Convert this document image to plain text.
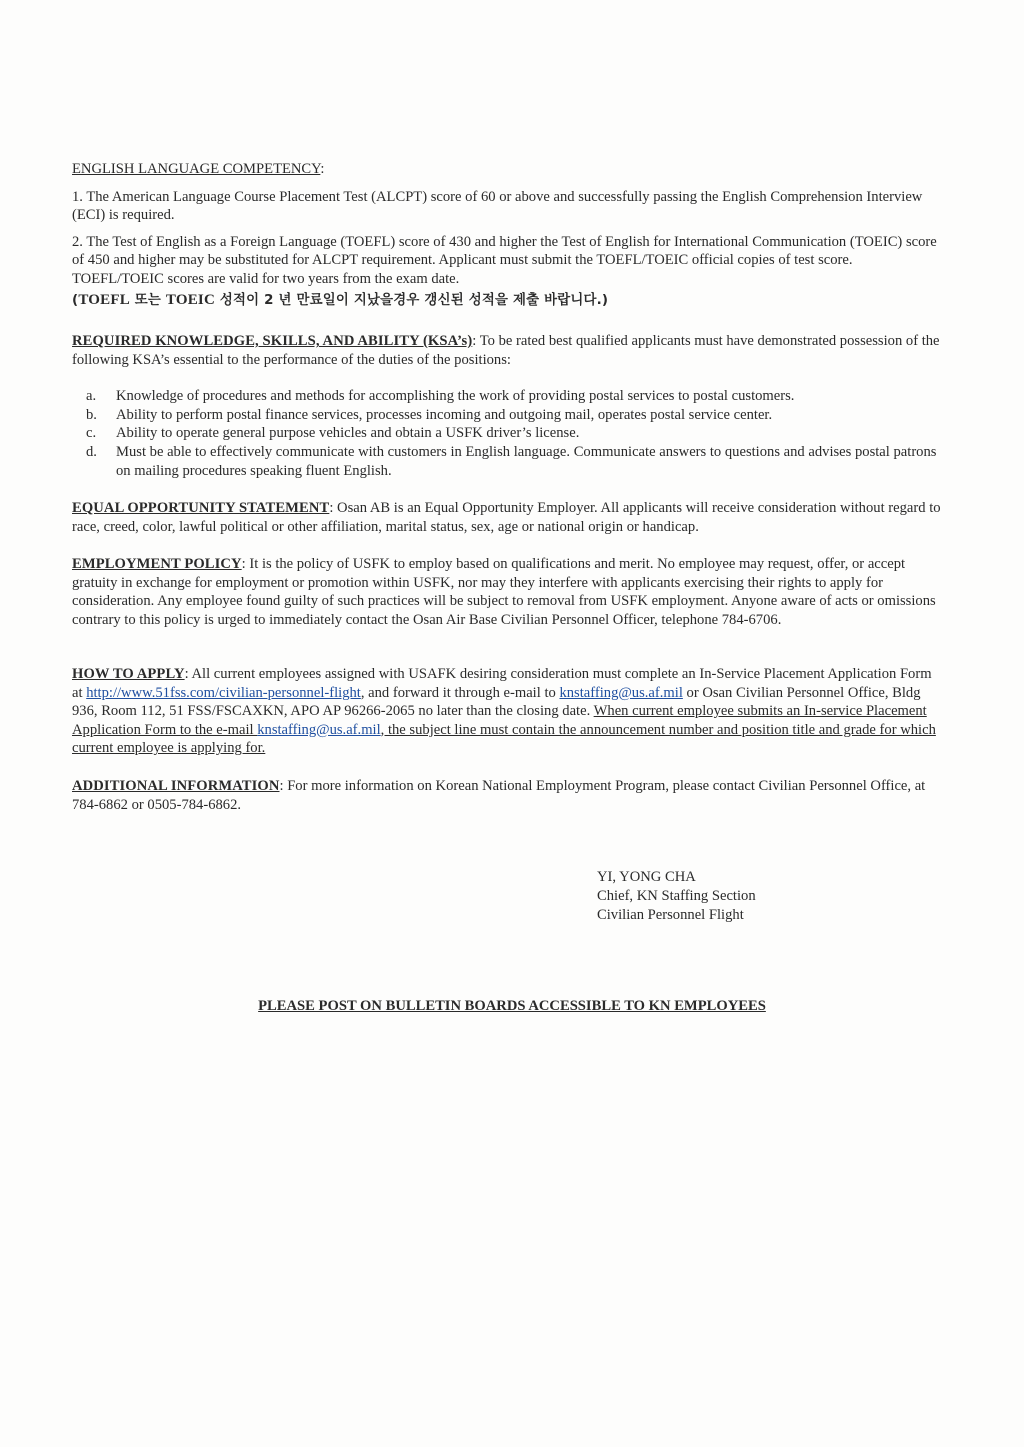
ENGLISH LANGUAGE COMPETENCY:

1. The American Language Course Placement Test (ALCPT) score of 60 or above and successfully passing the English Comprehension Interview (ECI) is required.

2. The Test of English as a Foreign Language (TOEFL) score of 430 and higher the Test of English for International Communication (TOEIC) score of 450 and higher may be substituted for ALCPT requirement. Applicant must submit the TOEFL/TOEIC official copies of test score. TOEFL/TOEIC scores are valid for two years from the exam date.

(TOEFL 또는 TOEIC 성적이 2 년 만료일이 지났을경우 갱신된 성적을 제출 바랍니다.)

REQUIRED KNOWLEDGE, SKILLS, AND ABILITY (KSA’s): To be rated best qualified applicants must have demonstrated possession of the following KSA’s essential to the performance of the duties of the positions:

a.	Knowledge of procedures and methods for accomplishing the work of providing postal services to postal customers.
b.	Ability to perform postal finance services, processes incoming and outgoing mail, operates postal service center.
c.	Ability to operate general purpose vehicles and obtain a USFK driver’s license.
d.	Must be able to effectively communicate with customers in English language. Communicate answers to questions and advises postal patrons on mailing procedures speaking fluent English.

EQUAL OPPORTUNITY STATEMENT: Osan AB is an Equal Opportunity Employer. All applicants will receive consideration without regard to race, creed, color, lawful political or other affiliation, marital status, sex, age or national origin or handicap.

EMPLOYMENT POLICY: It is the policy of USFK to employ based on qualifications and merit. No employee may request, offer, or accept gratuity in exchange for employment or promotion within USFK, nor may they interfere with applicants exercising their rights to apply for consideration. Any employee found guilty of such practices will be subject to removal from USFK employment. Anyone aware of acts or omissions contrary to this policy is urged to immediately contact the Osan Air Base Civilian Personnel Officer, telephone 784-6706.

HOW TO APPLY: All current employees assigned with USAFK desiring consideration must complete an In-Service Placement Application Form at http://www.51fss.com/civilian-personnel-flight, and forward it through e-mail to knstaffing@us.af.mil or Osan Civilian Personnel Office, Bldg 936, Room 112, 51 FSS/FSCAXKN, APO AP 96266-2065 no later than the closing date. When current employee submits an In-service Placement Application Form to the e-mail knstaffing@us.af.mil, the subject line must contain the announcement number and position title and grade for which current employee is applying for.

ADDITIONAL INFORMATION: For more information on Korean National Employment Program, please contact Civilian Personnel Office, at 784-6862 or 0505-784-6862.

YI, YONG CHA
Chief, KN Staffing Section
Civilian Personnel Flight
PLEASE POST ON BULLETIN BOARDS ACCESSIBLE TO KN EMPLOYEES
